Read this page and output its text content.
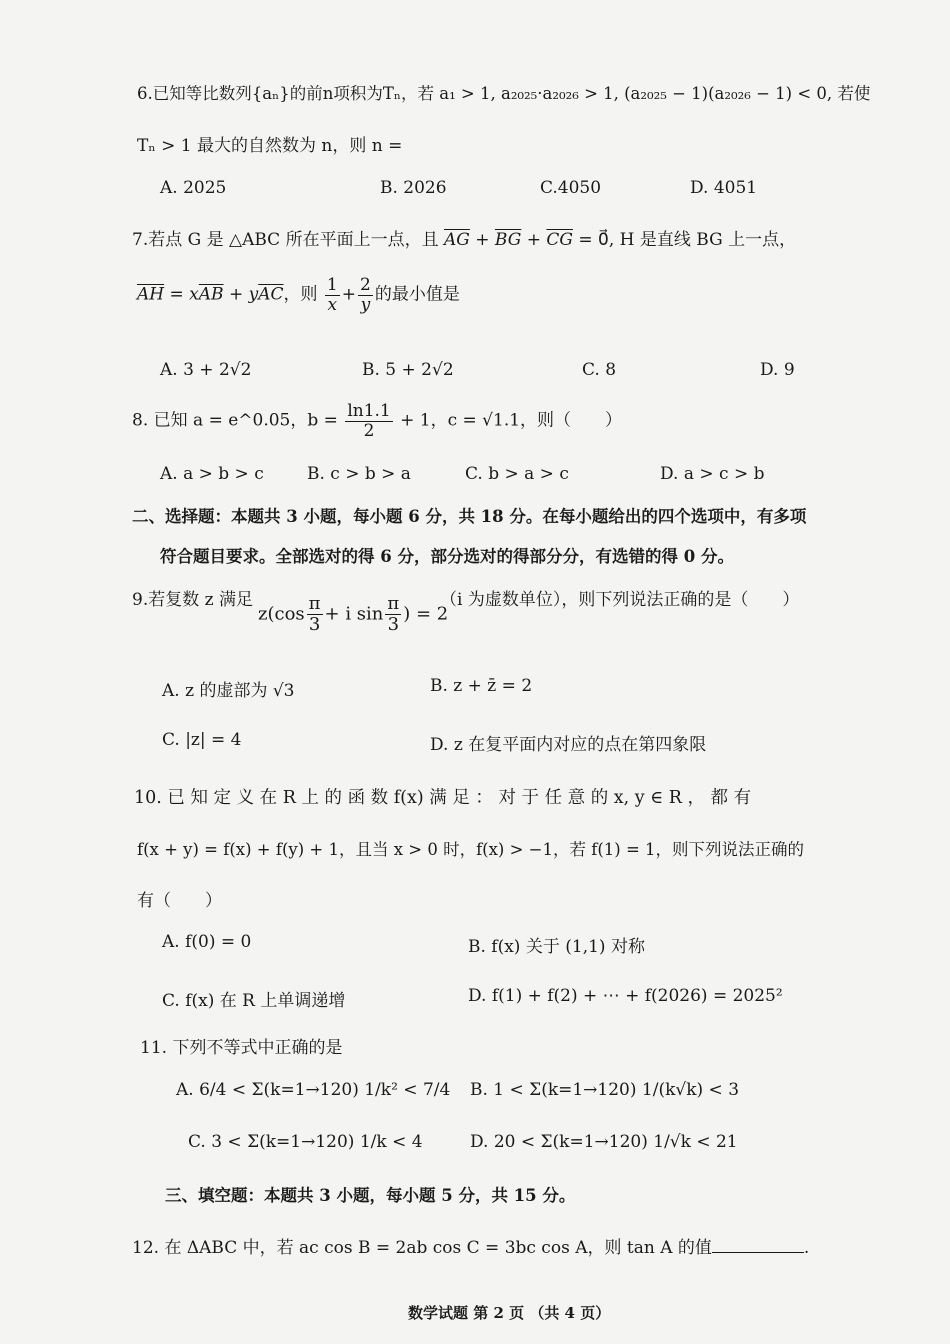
6.已知等比数列{aₙ}的前n项积为Tₙ，若 a₁ > 1, a₂₀₂₅·a₂₀₂₆ > 1, (a₂₀₂₅ − 1)(a₂₀₂₆ − 1) < 0, 若使
Tₙ > 1 最大的自然数为 n，则 n =
A. 2025	B. 2026	C.4050	D. 4051
7.若点 G 是 △ABC 所在平面上一点，且 $\overline{AG} + \overline{BG} + \overline{CG}$ = 0⃗, H 是直线 BG 上一点，
$\overline{AH} = x\overline{AB} + y\overline{AC}$，则 $\frac{1}{x} + \frac{2}{y}$ 的最小值是
A. 3 + 2√2	B. 5 + 2√2	C. 8	D. 9
8. 已知 a = e^0.05，$b = \frac{\ln 1.1}{2} + 1$，c = √1.1，则（　　）
A. a > b > c	B. c > b > a	C. b > a > c	D. a > c > b
二、选择题：本题共 3 小题，每小题 6 分，共 18 分。在每小题给出的四个选项中，有多项
符合题目要求。全部选对的得 6 分，部分选对的得部分分，有选错的得 0 分。
9.若复数 z 满足
$z(\cos \frac{\pi}{3} + i$ $\sin \frac{\pi}{3}$ ) = 2
（i 为虚数单位），则下列说法正确的是（　　）
A. z 的虚部为 √3	B. z + z̄ = 2
C. |z| = 4	D. z 在复平面内对应的点在第四象限
10. 已 知 定 义 在 R 上 的 函 数 f(x) 满 足 ： 对 于 任 意 的 x, y ∈ R ， 都 有
f(x + y) = f(x) + f(y) + 1，且当 x > 0 时，f(x) > −1，若 f(1) = 1，则下列说法正确的
有（　　）
A. f(0) = 0	B. f(x) 关于 (1,1) 对称
C. f(x) 在 R 上单调递增	D. f(1) + f(2) + ⋯ + f(2026) = 2025²
11. 下列不等式中正确的是
A. 6/4 < Σ(k=1→120) 1/k² < 7/4 B. 1 < Σ(k=1→120) 1/(k√k) < 3
C. 3 < Σ(k=1→120) 1/k < 4	D. 20 < Σ(k=1→120) 1/√k < 21
三、填空题：本题共 3 小题，每小题 5 分，共 15 分。
12. 在 ΔABC 中，若 ac cos B = 2ab cos C = 3bc cos A，则 tan A 的值	.
数学试题 第 2 页 （共 4 页）
